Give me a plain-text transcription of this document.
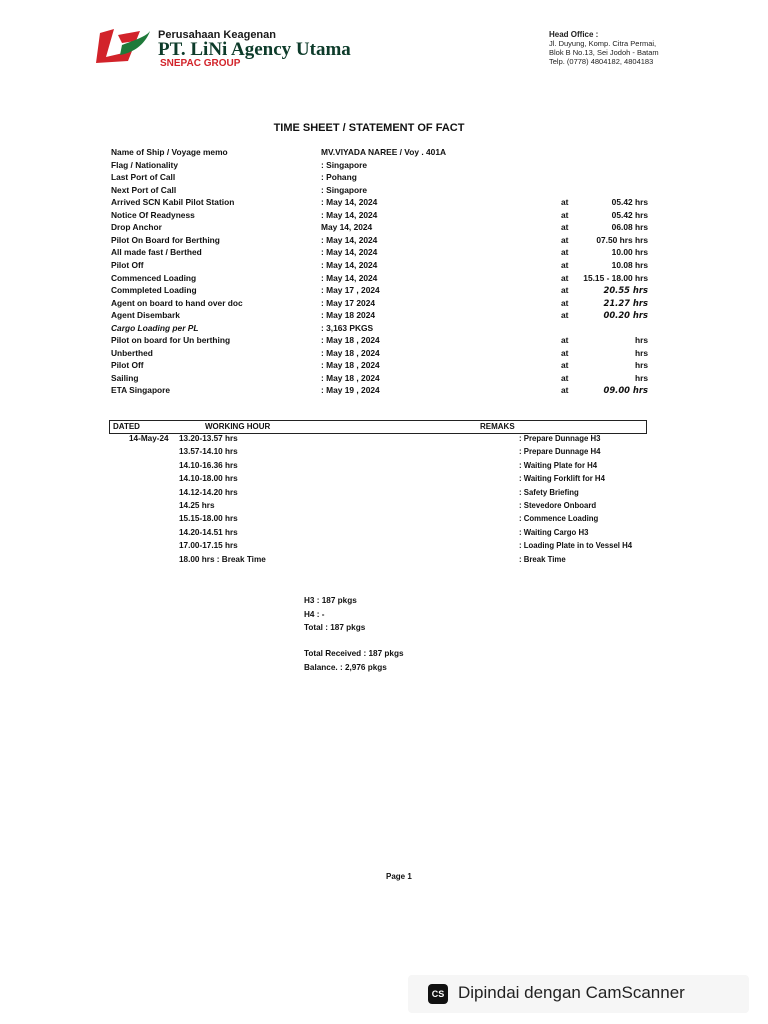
Perusahaan Keagenan
PT. LiNi Agency Utama
SNEPAC GROUP
Head Office :
Jl. Duyung, Komp. Citra Permai,
Blok B No.13, Sei Jodoh - Batam
Telp. (0778) 4804182, 4804183
TIME SHEET / STATEMENT OF FACT
Name of Ship / Voyage memo	MV.VIYADA NAREE / Voy . 401A
Flag / Nationality	: Singapore
Last Port of Call	: Pohang
Next Port of Call	: Singapore
Arrived SCN Kabil Pilot Station	: May 14, 2024	at	05.42 hrs
Notice Of Readyness	: May 14, 2024	at	05.42 hrs
Drop Anchor	May 14, 2024	at	06.08 hrs
Pilot On Board for Berthing	: May 14, 2024	at	07.50 hrs hrs
All made fast / Berthed	: May 14, 2024	at	10.00 hrs
Pilot Off	: May 14, 2024	at	10.08 hrs
Commenced Loading	: May 14, 2024	at 15.15 - 18.00 hrs
Commpleted Loading	: May 17 , 2024	at	20.55 hrs
Agent on board to hand over doc	: May 17 2024	at	21.27 hrs
Agent Disembark	: May 18 2024	at	00.20 hrs
Cargo Loading per PL	: 3,163 PKGS
Pilot on board for Un berthing	: May 18 , 2024	at	hrs
Unberthed	: May 18 , 2024	at	hrs
Pilot Off	: May 18 , 2024	at	hrs
Sailing	: May 18 , 2024	at	hrs
ETA Singapore	: May 19 , 2024	at	09.00 hrs
DATED	WORKING HOUR	REMAKS
14-May-24 13.20-13.57 hrs	: Prepare Dunnage H3
13.57-14.10 hrs	: Prepare Dunnage H4
14.10-16.36 hrs	: Waiting Plate for H4
14.10-18.00 hrs	: Waiting Forklift for H4
14.12-14.20 hrs	: Safety Briefing
14.25 hrs	: Stevedore Onboard
15.15-18.00 hrs	: Commence Loading
14.20-14.51 hrs	: Waiting Cargo H3
17.00-17.15 hrs	: Loading Plate in to Vessel H4
18.00 hrs : Break Time	: Break Time
H3 : 187 pkgs
H4 : -
Total : 187 pkgs
Total Received : 187 pkgs
Balance. : 2,976 pkgs
Page 1
CS Dipindai dengan CamScanner
